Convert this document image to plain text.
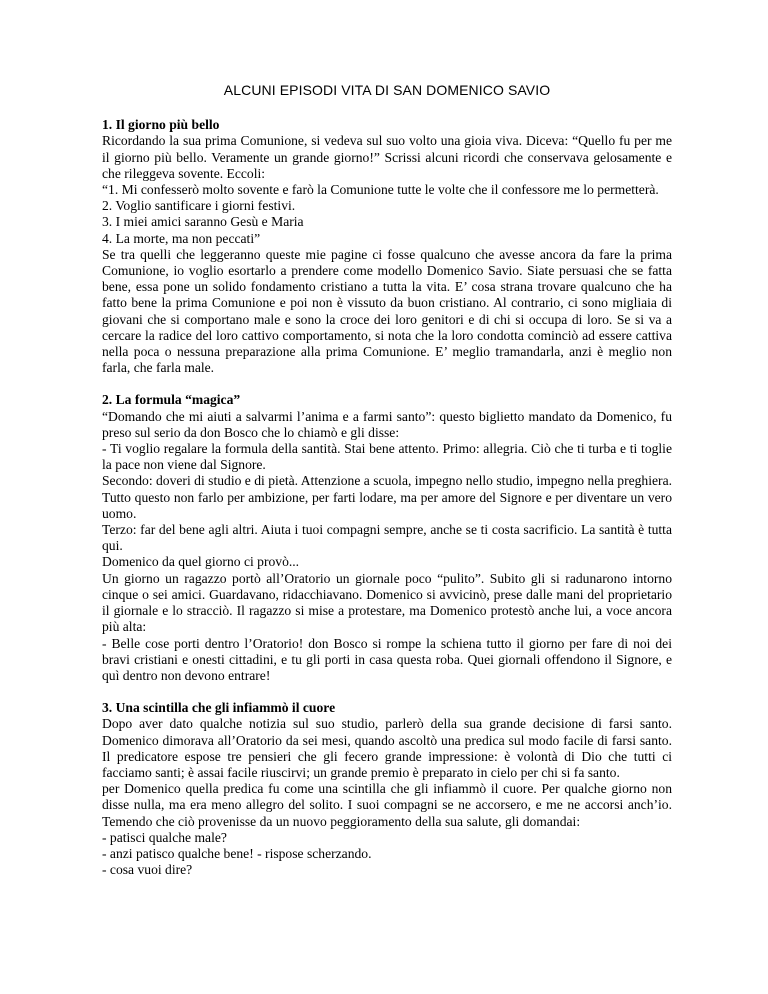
ALCUNI EPISODI VITA DI SAN DOMENICO SAVIO

1. Il giorno più bello

Ricordando la sua prima Comunione, si vedeva sul suo volto una gioia viva. Diceva: “Quello fu per me il giorno più bello. Veramente un grande giorno!” Scrissi alcuni ricordi che conservava gelosamente e che rileggeva sovente. Eccoli:

“1. Mi confesserò molto sovente e farò la Comunione tutte le volte che il confessore me lo permetterà.

2. Voglio santificare i giorni festivi.

3. I miei amici saranno Gesù e Maria

4. La morte, ma non peccati”

Se tra quelli che leggeranno queste mie pagine ci fosse qualcuno che avesse ancora da fare la prima Comunione, io voglio esortarlo a prendere come modello Domenico Savio. Siate persuasi che se fatta bene, essa pone un solido fondamento cristiano a tutta la vita. E’ cosa strana trovare qualcuno che ha fatto bene la prima Comunione e poi non è vissuto da buon cristiano. Al contrario, ci sono migliaia di giovani che si comportano male e sono la croce dei loro genitori e di chi si occupa di loro. Se si va a cercare la radice del loro cattivo comportamento, si nota che la loro condotta cominciò ad essere cattiva nella poca o nessuna preparazione alla prima Comunione. E’ meglio tramandarla, anzi è meglio non farla, che farla male.

2. La formula “magica”

“Domando che mi aiuti a salvarmi l’anima e a farmi santo”: questo biglietto mandato da Domenico, fu preso sul serio da don Bosco che lo chiamò e gli disse:

- Ti voglio regalare la formula della santità. Stai bene attento. Primo: allegria. Ciò che ti turba e ti toglie la pace non viene dal Signore.

Secondo: doveri di studio e di pietà. Attenzione a scuola, impegno nello studio, impegno nella preghiera. Tutto questo non farlo per ambizione, per farti lodare, ma per amore del Signore e per diventare un vero uomo.

Terzo: far del bene agli altri. Aiuta i tuoi compagni sempre, anche se ti costa sacrificio. La santità è tutta qui.

Domenico da quel giorno ci provò...

Un giorno un ragazzo portò all’Oratorio un giornale poco “pulito”. Subito gli si radunarono intorno cinque o sei amici. Guardavano, ridacchiavano. Domenico si avvicinò, prese dalle mani del proprietario il giornale e lo stracciò. Il ragazzo si mise a protestare, ma Domenico protestò anche lui, a voce ancora più alta:

- Belle cose porti dentro l’Oratorio! don Bosco si rompe la schiena tutto il giorno per fare di noi dei bravi cristiani e onesti cittadini, e tu gli porti in casa questa roba. Quei giornali offendono il Signore, e quì dentro non devono entrare!

3. Una scintilla che gli infiammò il cuore

Dopo aver dato qualche notizia sul suo studio, parlerò della sua grande decisione di farsi santo. Domenico dimorava all’Oratorio da sei mesi, quando ascoltò una predica sul modo facile di farsi santo. Il predicatore espose tre pensieri che gli fecero grande impressione: è volontà di Dio che tutti ci facciamo santi; è assai facile riuscirvi; un grande premio è preparato in cielo per chi si fa santo.

per Domenico quella predica fu come una scintilla che gli infiammò il cuore. Per qualche giorno non disse nulla, ma era meno allegro del solito. I suoi compagni se ne accorsero, e me ne accorsi anch’io. Temendo che ciò provenisse da un nuovo peggioramento della sua salute, gli domandai:

- patisci qualche male?

- anzi patisco qualche bene! - rispose scherzando.

- cosa vuoi dire?
